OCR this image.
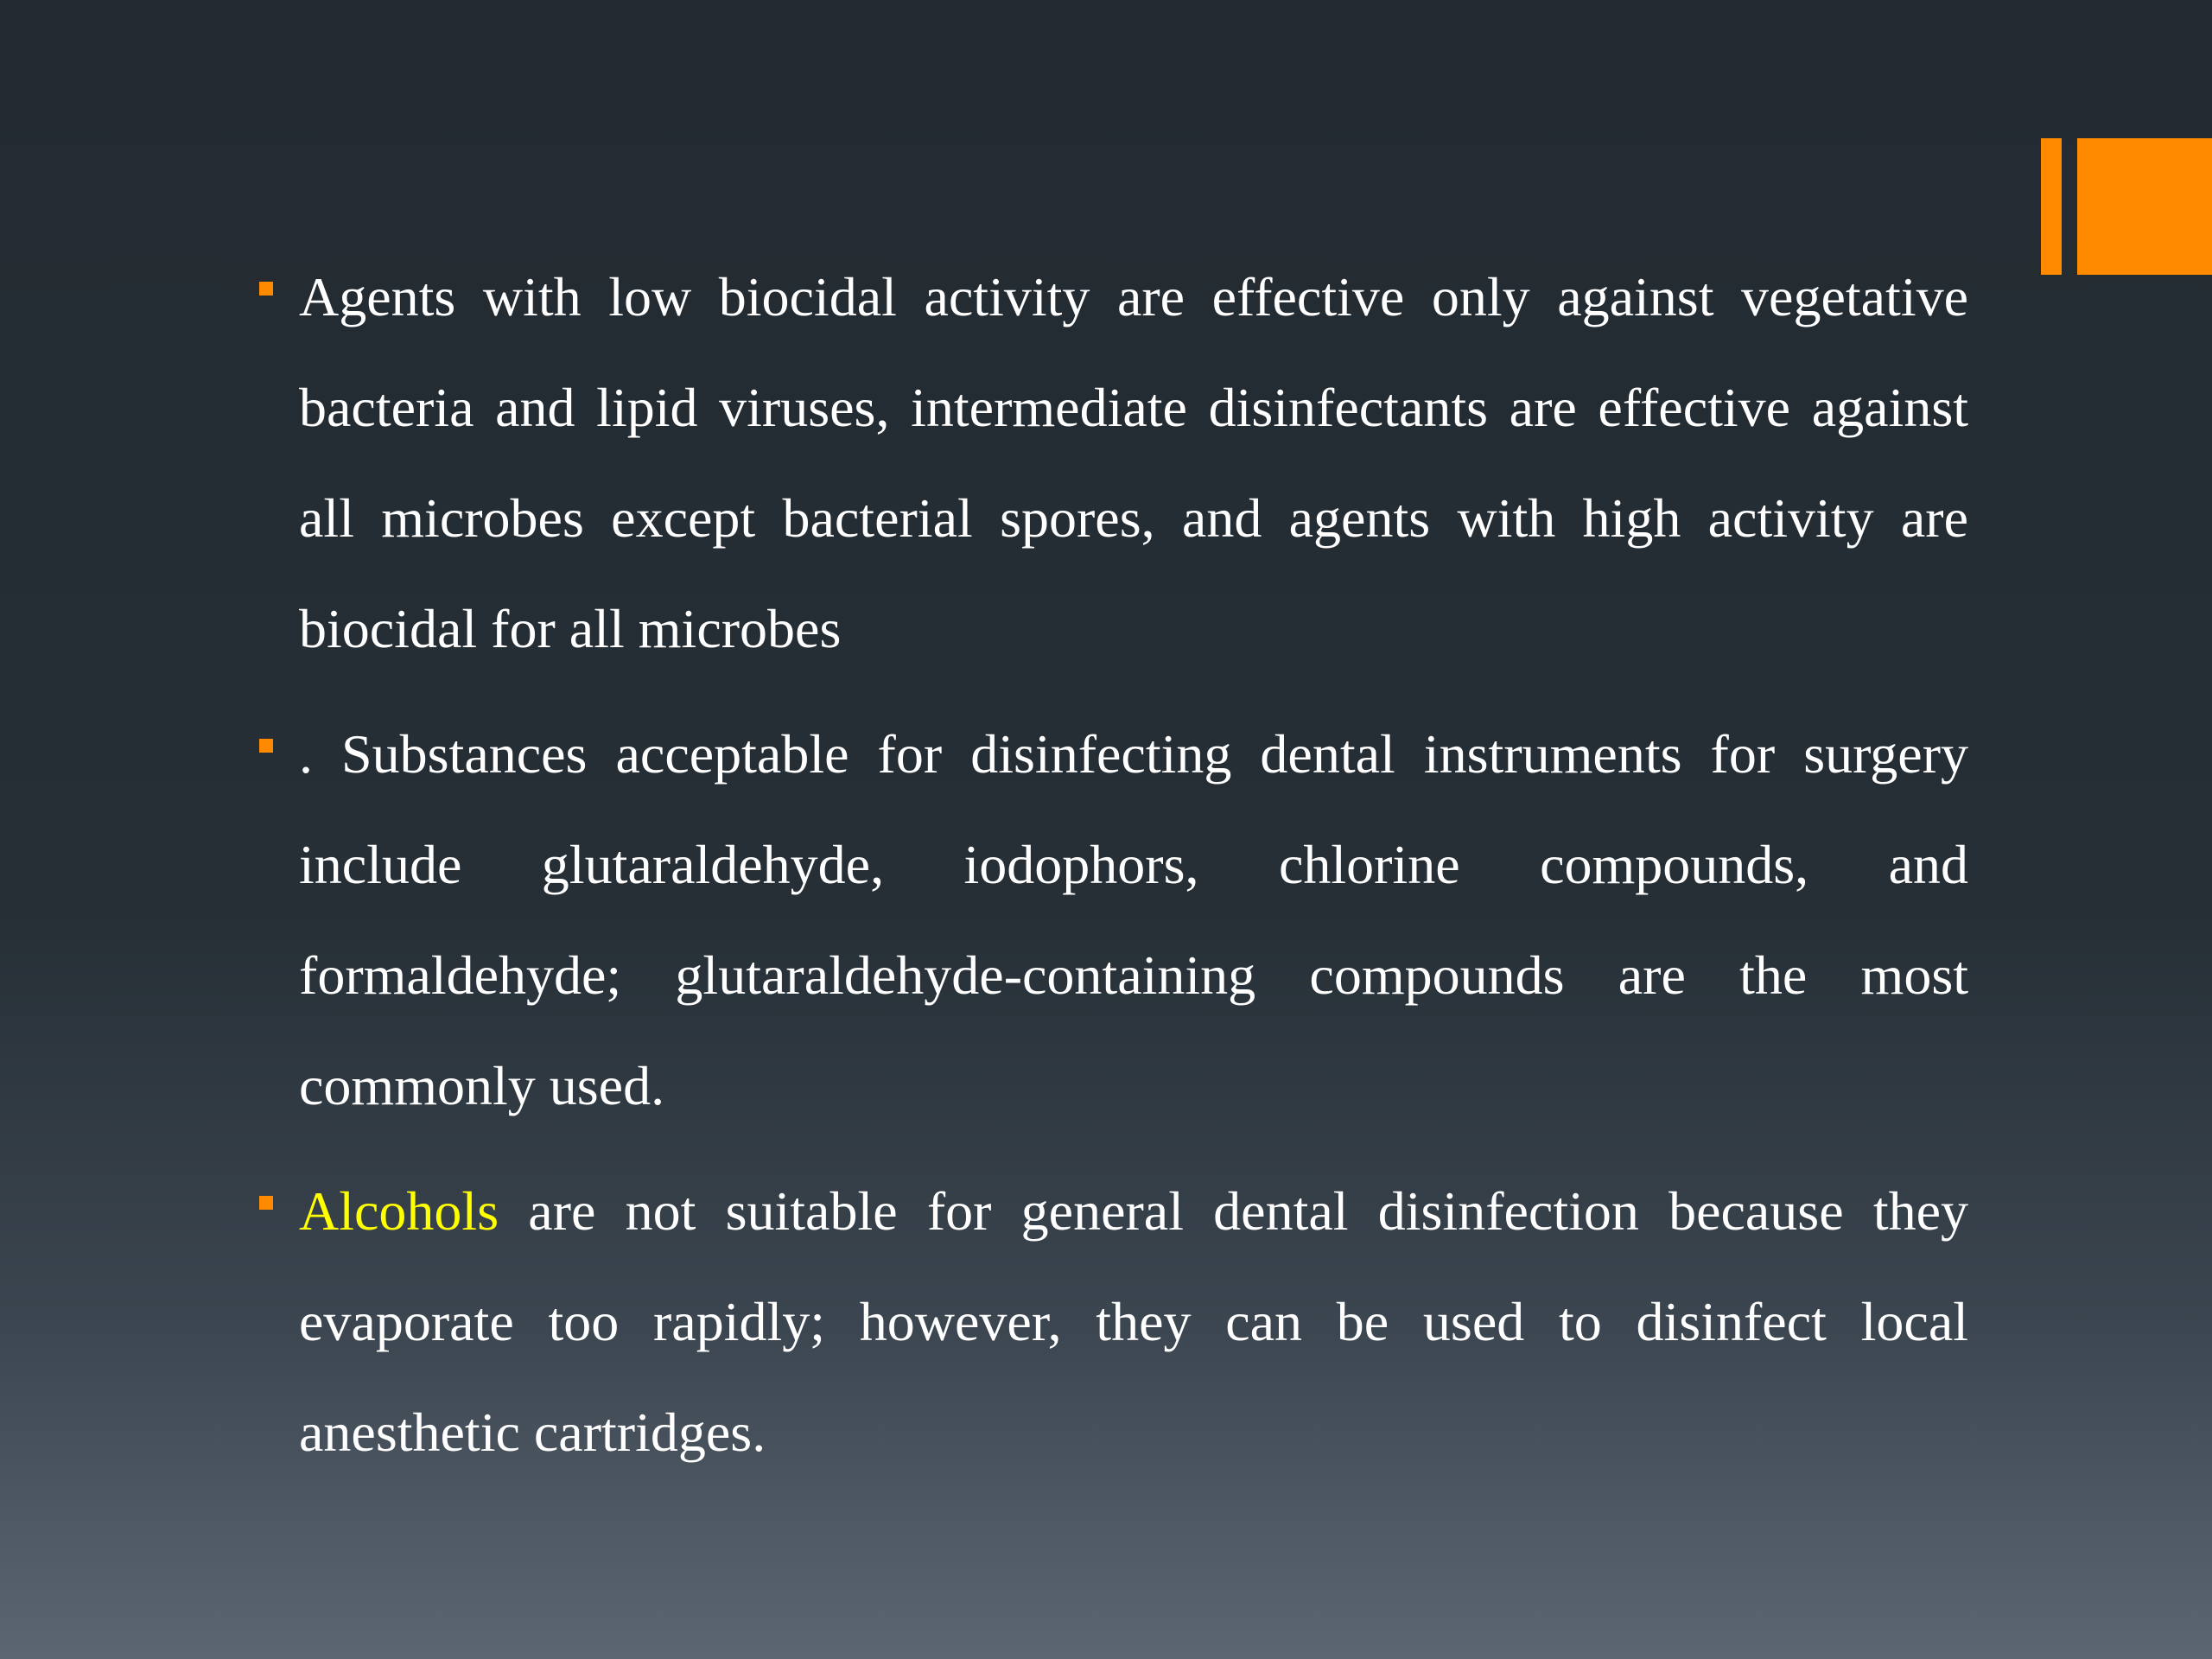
Agents with low biocidal activity are effective only against vegetative bacteria and lipid viruses, intermediate disinfectants are effective against all microbes except bacterial spores, and agents with high activity are biocidal for all microbes

. Substances acceptable for disinfecting dental instruments for surgery include glutaraldehyde, iodophors, chlorine compounds, and formaldehyde; glutaraldehyde-containing compounds are the most commonly used.

Alcohols are not suitable for general dental disinfection because they evaporate too rapidly; however, they can be used to disinfect local anesthetic cartridges.
